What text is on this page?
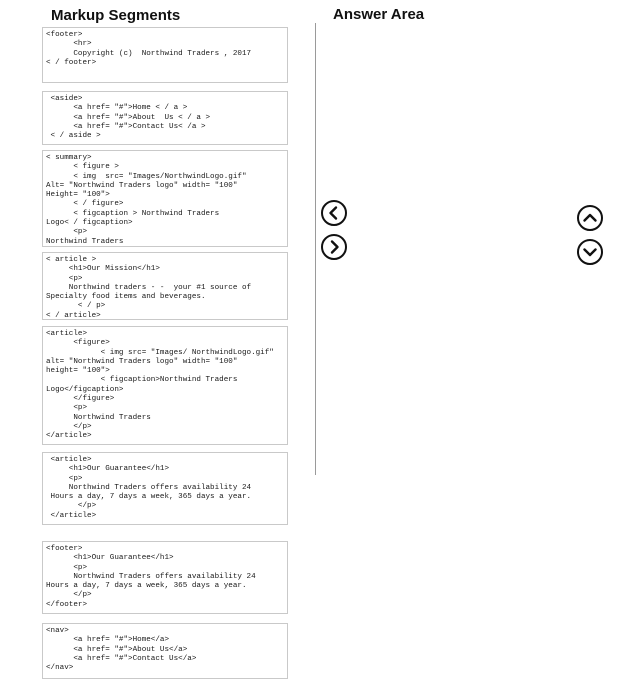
Markup Segments	Answer Area
<footer>
<hr>
Copyright (c)  Northwind Traders , 2017
< / footer>
<aside>
<a href= "#">Home < / a >
<a href= "#">About  Us < / a >
<a href= "#">Contact Us< /a >
< / aside >
< summary>
< figure >
< img  src= "Images/NorthwindLogo.gif"
Alt= "Northwind Traders logo" width= "100"
Height= "100">
< / figure>
< figcaption > Northwind Traders
Logo< / figcaption>
<p>
Northwind Traders
< article >
<h1>Our Mission</h1>
<p>
Northwind traders - -  your #1 source of
Specialty food items and beverages.
< / p>
< / article>
<article>
<figure>
< img src= "Images/ NorthwindLogo.gif"
alt= "Northwind Traders logo" width= "100"
height= "100">
< figcaption>Northwind Traders
Logo</figcaption>
</figure>
<p>
Northwind Traders
</p>
</article>
<article>
<h1>Our Guarantee</h1>
<p>
Northwind Traders offers availability 24
Hours a day, 7 days a week, 365 days a year.
</p>
</article>
<footer>
<h1>Our Guarantee</h1>
<p>
Northwind Traders offers availability 24
Hours a day, 7 days a week, 365 days a year.
</p>
</footer>
<nav>
<a href= "#">Home</a>
<a href= "#">About Us</a>
<a href= "#">Contact Us</a>
</nav>
